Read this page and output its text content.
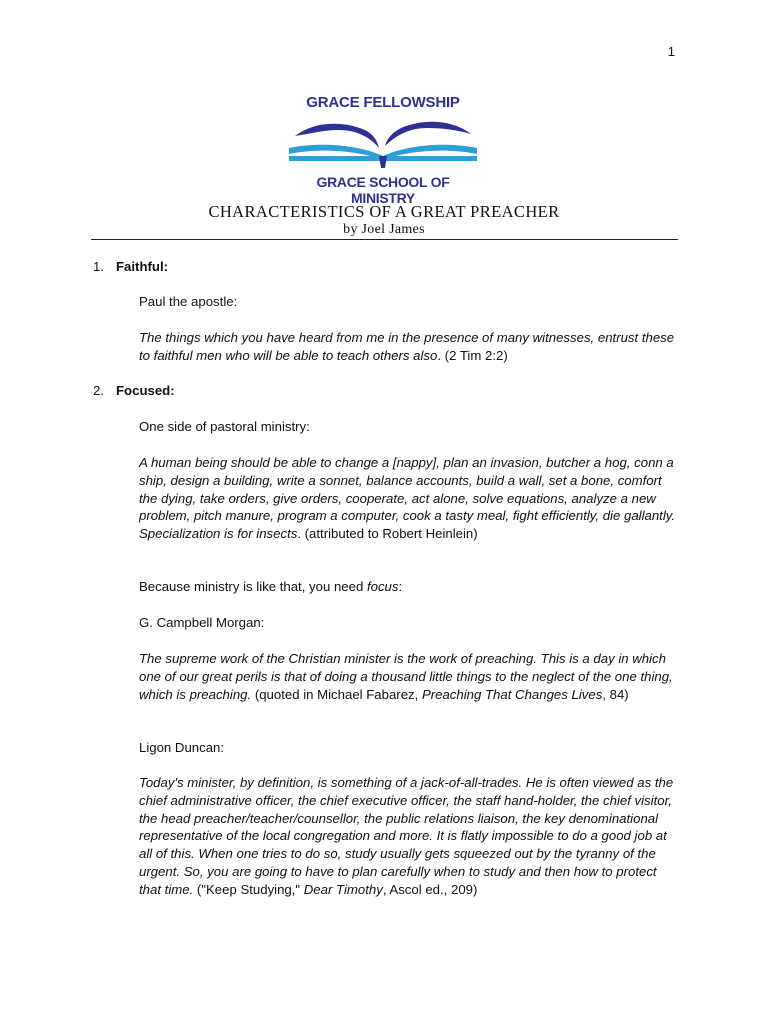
1
GRACE FELLOWSHIP
GRACE SCHOOL OF MINISTRY
CHARACTERISTICS OF A GREAT PREACHER
by Joel James
1. Faithful:
Paul the apostle:
The things which you have heard from me in the presence of many witnesses, entrust these to faithful men who will be able to teach others also. (2 Tim 2:2)
2. Focused:
One side of pastoral ministry:
A human being should be able to change a [nappy], plan an invasion, butcher a hog, conn a ship, design a building, write a sonnet, balance accounts, build a wall, set a bone, comfort the dying, take orders, give orders, cooperate, act alone, solve equations, analyze a new problem, pitch manure, program a computer, cook a tasty meal, fight efficiently, die gallantly. Specialization is for insects. (attributed to Robert Heinlein)
Because ministry is like that, you need focus:
G. Campbell Morgan:
The supreme work of the Christian minister is the work of preaching. This is a day in which one of our great perils is that of doing a thousand little things to the neglect of the one thing, which is preaching. (quoted in Michael Fabarez, Preaching That Changes Lives, 84)
Ligon Duncan:
Today's minister, by definition, is something of a jack-of-all-trades. He is often viewed as the chief administrative officer, the chief executive officer, the staff hand-holder, the chief visitor, the head preacher/teacher/counsellor, the public relations liaison, the key denominational representative of the local congregation and more. It is flatly impossible to do a good job at all of this. When one tries to do so, study usually gets squeezed out by the tyranny of the urgent. So, you are going to have to plan carefully when to study and then how to protect that time. ("Keep Studying," Dear Timothy, Ascol ed., 209)
